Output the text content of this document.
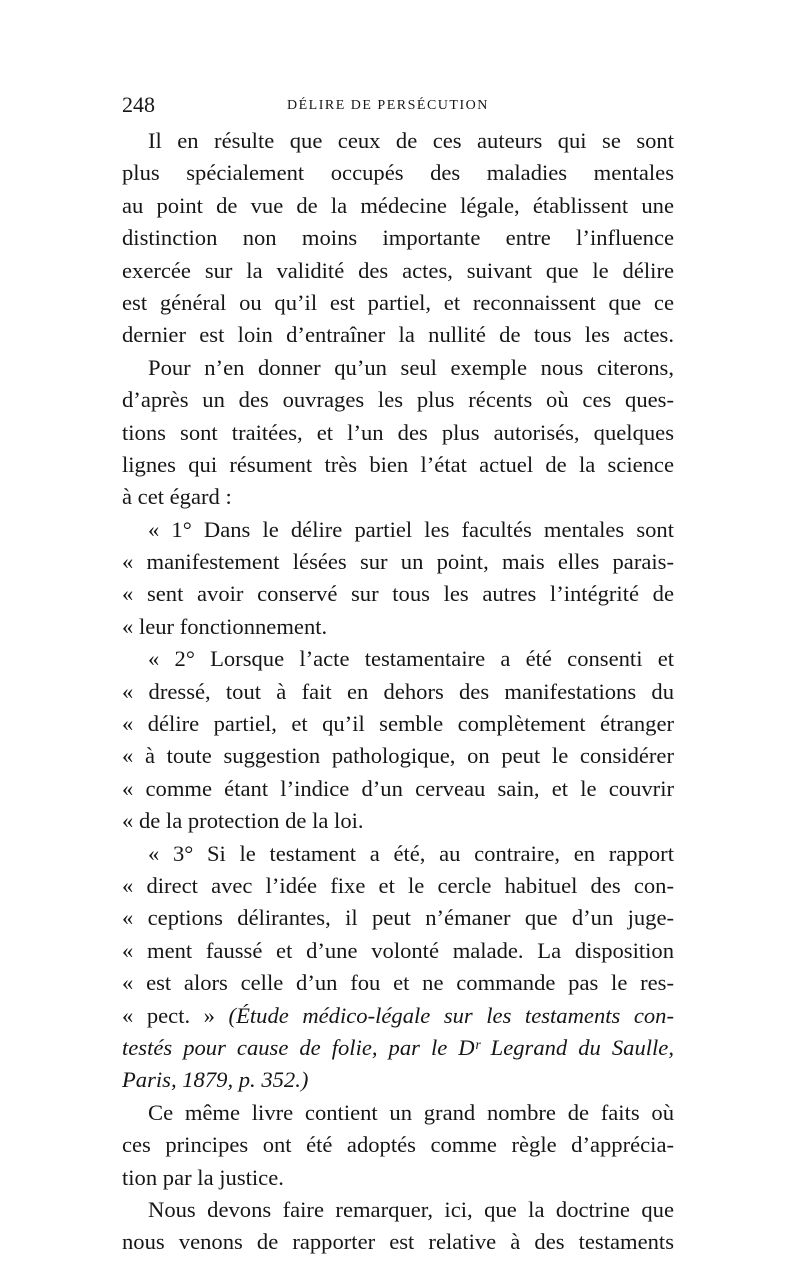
248	DÉLIRE DE PERSÉCUTION
Il en résulte que ceux de ces auteurs qui se sont
plus spécialement occupés des maladies mentales
au point de vue de la médecine légale, établissent une
distinction non moins importante entre l’influence
exercée sur la validité des actes, suivant que le délire
est général ou qu’il est partiel, et reconnaissent que ce
dernier est loin d’entraîner la nullité de tous les actes.
Pour n’en donner qu’un seul exemple nous citerons,
d’après un des ouvrages les plus récents où ces ques-
tions sont traitées, et l’un des plus autorisés, quelques
lignes qui résument très bien l’état actuel de la science
à cet égard :
« 1° Dans le délire partiel les facultés mentales sont
« manifestement lésées sur un point, mais elles parais-
« sent avoir conservé sur tous les autres l’intégrité de
« leur fonctionnement.
« 2° Lorsque l’acte testamentaire a été consenti et
« dressé, tout à fait en dehors des manifestations du
« délire partiel, et qu’il semble complètement étranger
« à toute suggestion pathologique, on peut le considérer
« comme étant l’indice d’un cerveau sain, et le couvrir
« de la protection de la loi.
« 3° Si le testament a été, au contraire, en rapport
« direct avec l’idée fixe et le cercle habituel des con-
« ceptions délirantes, il peut n’émaner que d’un juge-
« ment faussé et d’une volonté malade. La disposition
« est alors celle d’un fou et ne commande pas le res-
« pect. » (Étude médico-légale sur les testaments con-
testés pour cause de folie, par le Dʳ Legrand du Saulle,
Paris, 1879, p. 352.)
Ce même livre contient un grand nombre de faits où
ces principes ont été adoptés comme règle d’apprécia-
tion par la justice.
Nous devons faire remarquer, ici, que la doctrine que
nous venons de rapporter est relative à des testaments
